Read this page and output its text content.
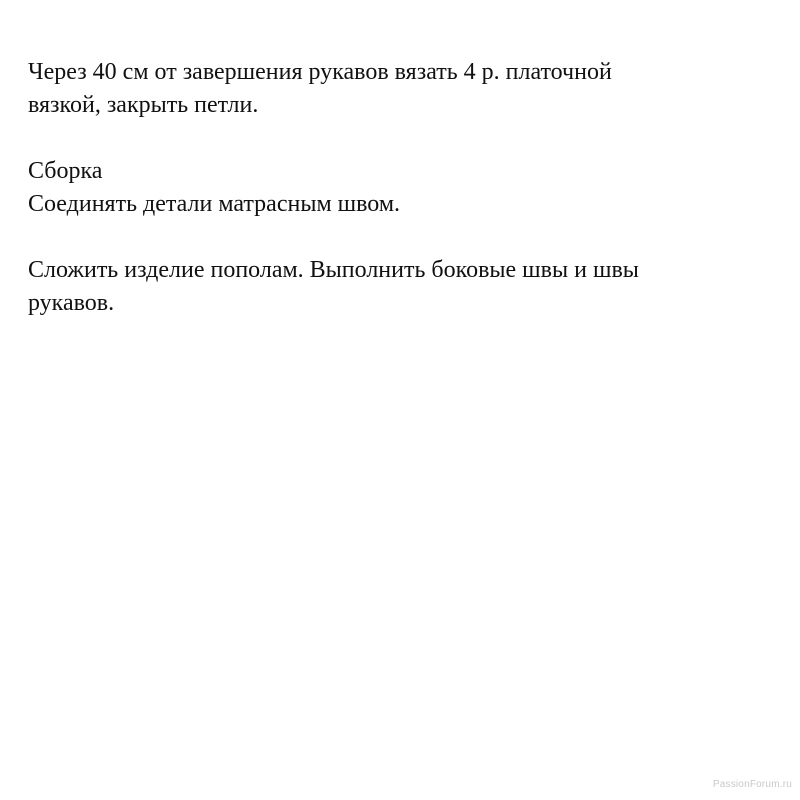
Через 40 см от завершения рукавов вязать 4 р. платочной
вязкой, закрыть петли.

Сборка
Соединять детали матрасным швом.

Сложить изделие пополам. Выполнить боковые швы и швы
рукавов.

PassionForum.ru
